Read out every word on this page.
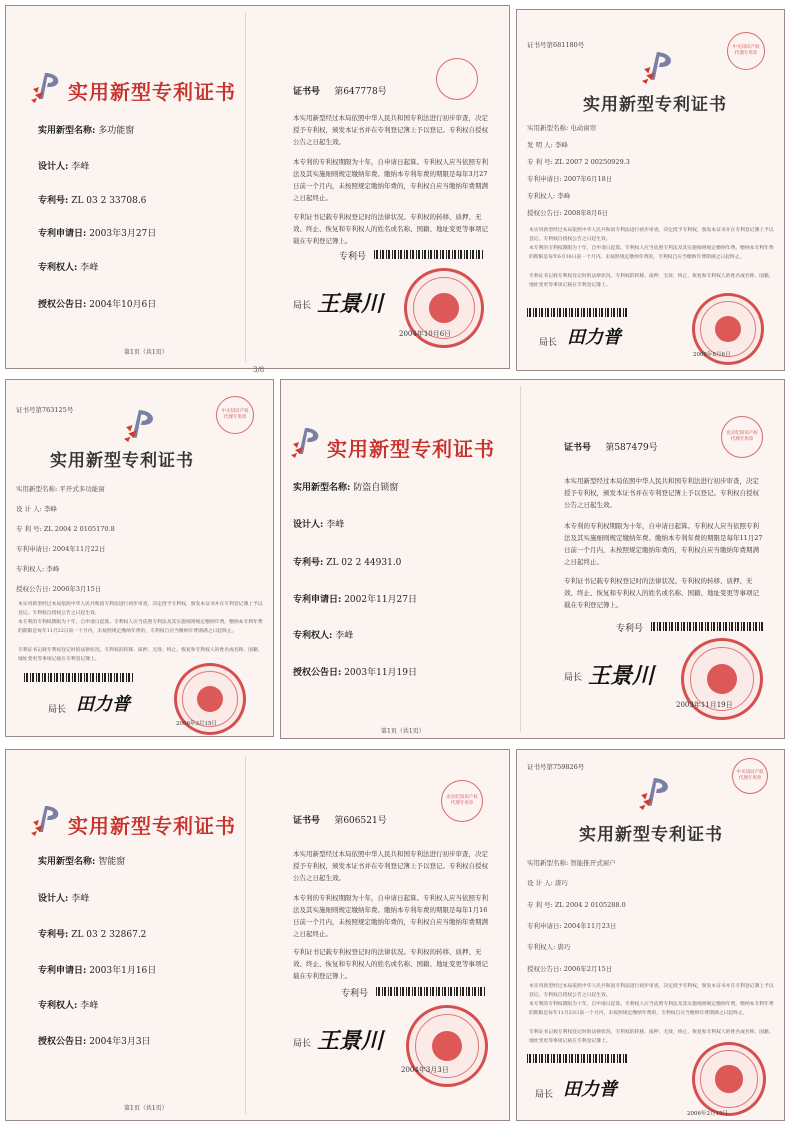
实用新型专利证书
实用新型名称: 多功能窗
设计人: 李峰
专利号: ZL 03 2 33708.6
专利申请日: 2003年3月27日
专利权人: 李峰
授权公告日: 2004年10月6日
证书号 第647778号
本实用新型经过本局依照中华人民共和国专利法进行初步审查，决定授予专利权，颁发本证书并在专利登记簿上予以登记。专利权自授权公告之日起生效。
本专利的专利权期限为十年，自申请日起算。专利权人应当依照专利法及其实施细则规定缴纳年费。缴纳本专利年费的期限是每年3月27日前一个月内，未按照规定缴纳年费的，专利权自应当缴纳年费期满之日起终止。
专利证书记载专利权登记时的法律状况。专利权的转移、质押、无效、终止、恢复和专利权人的姓名或名称、国籍、地址变更等事项记载在专利登记簿上。
专利号
局长 王景川
2004年10月6日
第1页（共1页）
3/8
证书号第681180号	中关知识产权 代理专用章
实用新型专利证书
实用新型名称: 电动窗帘
发 明 人: 李峰
专 利 号: ZL 2007 2 00250929.3
专利申请日: 2007年6月18日
专利权人: 李峰
授权公告日: 2008年8月6日
本实用新型经过本局依照中华人民共和国专利法进行初步审查，决定授予专利权，颁发本证书并在专利登记簿上予以登记。专利权自授权公告之日起生效。
本专利的专利权期限为十年，自申请日起算。专利权人应当依照专利法及其实施细则规定缴纳年费。缴纳本专利年费的期限是每年6月18日前一个月内。未按照规定缴纳年费的，专利权自应当缴纳年费期满之日起终止。
专利证书记载专利权登记时的法律状况。专利权的转移、质押、无效、终止、恢复和专利权人的姓名或名称、国籍、地址变更等事项记载在专利登记簿上。
局长 田力普
2008年8月6日
证书号第763125号	中关知识产权 代理专用章
实用新型专利证书
实用新型名称: 平开式多功能窗
设 计 人: 李峰
专 利 号: ZL 2004 2 0105170.8
专利申请日: 2004年11月22日
专利权人: 李峰
授权公告日: 2006年3月15日
本实用新型经过本局依照中华人民共和国专利法进行初步审查，决定授予专利权，颁发本证书并在专利登记簿上予以登记。专利权自授权公告之日起生效。
本专利的专利权期限为十年，自申请日起算。专利权人应当依照专利法及其实施细则规定缴纳年费。缴纳本专利年费的期限是每年11月22日前一个月内，未按照规定缴纳年费的，专利权自应当缴纳年费期满之日起终止。
专利证书记载专利权登记时的法律状况。专利权的转移、质押、无效、终止、恢复和专利权人的姓名或名称、国籍、地址变更等事项记载在专利登记簿上。
局长 田力普
2006年3月15日
实用新型专利证书
实用新型名称: 防盗自锁窗
设计人: 李峰
专利号: ZL 02 2 44931.0
专利申请日: 2002年11月27日
专利权人: 李峰
授权公告日: 2003年11月19日
证书号 第587479号
北京纪知识产权 代理专用章
本实用新型经过本局依照中华人民共和国专利法进行初步审查，决定授予专利权，颁发本证书并在专利登记簿上予以登记。专利权自授权公告之日起生效。
本专利的专利权期限为十年，自申请日起算。专利权人应当依照专利法及其实施细则规定缴纳年费。缴纳本专利年费的期限是每年11月27日前一个月内，未按照规定缴纳年费的，专利权自应当缴纳年费期满之日起终止。
专利证书记载专利权登记时的法律状况。专利权的转移、质押、无效、终止、恢复和专利权人的姓名或名称、国籍、地址变更等事项记载在专利登记簿上。
专利号
局长 王景川
2003年11月19日
第1页（共1页）
实用新型专利证书
实用新型名称: 智能窗
设计人: 李峰
专利号: ZL 03 2 32867.2
专利申请日: 2003年1月16日
专利权人: 李峰
授权公告日: 2004年3月3日
证书号 第606521号
北京纪知识产权 代理专用章
本实用新型经过本局依照中华人民共和国专利法进行初步审查，决定授予专利权，颁发本证书并在专利登记簿上予以登记。专利权自授权公告之日起生效。
本专利的专利权期限为十年，自申请日起算。专利权人应当依照专利法及其实施细则规定缴纳年费。缴纳本专利年费的期限是每年1月16日前一个月内，未按照规定缴纳年费的，专利权自应当缴纳年费期满之日起终止。
专利证书记载专利权登记时的法律状况。专利权的转移、质押、无效、终止、恢复和专利权人的姓名或名称、国籍、地址变更等事项记载在专利登记簿上。
专利号
局长 王景川
2004年3月3日
第1页（共1页）
证书号第759826号
中关知识产权 代理专用章
实用新型专利证书
实用新型名称: 智能推开式窗户
设 计 人: 唐巧
专 利 号: ZL 2004 2 0105288.0
专利申请日: 2004年11月23日
专利权人: 唐巧
授权公告日: 2006年2月15日
本实用新型经过本局依照中华人民共和国专利法进行初步审查，决定授予专利权，颁发本证书并在专利登记簿上予以登记。专利权自授权公告之日起生效。
本专利的专利权期限为十年，自申请日起算。专利权人应当依照专利法及其实施细则规定缴纳年费。缴纳本专利年费的期限是每年11月23日前一个月内，未按照规定缴纳年费的，专利权自应当缴纳年费期满之日起终止。
专利证书记载专利权登记时的法律状况。专利权的转移、质押、无效、终止、恢复和专利权人的姓名或名称、国籍、地址变更等事项记载在专利登记簿上。
局长 田力普
2006年2月15日
